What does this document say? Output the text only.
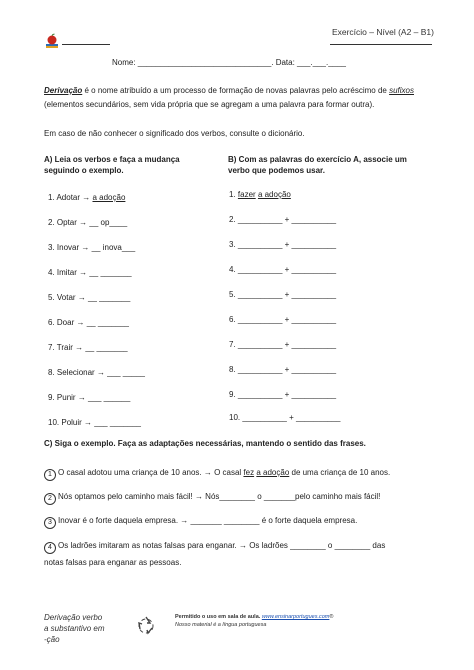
Exercício – Nível (A2 – B1)
Nome: ______________________________. Data: ___.___.____
Derivação é o nome atribuído a um processo de formação de novas palavras pelo acréscimo de sufixos (elementos secundários, sem vida própria que se agregam a uma palavra para formar outra).
Em caso de não conhecer o significado dos verbos, consulte o dicionário.
A) Leia os verbos e faça a mudança
seguindo o exemplo.
1. Adotar → a adoção
2. Optar → __ op____
3. Inovar → __ inova___
4. Imitar → __ _______
5. Votar → __ _______
6. Doar → __ _______
7. Trair → __ _______
8. Selecionar → ___ _____
9. Punir → ___ ______
10. Poluir → ___ _______
B) Com as palavras do exercício A, associe um
verbo que podemos usar.
1. fazer a adoção
2. __________ + __________
3. __________ + __________
4. __________ + __________
5. __________ + __________
6. __________ + __________
7. __________ + __________
8. __________ + __________
9. __________ + __________
10. __________ + __________
C) Siga o exemplo. Faça as adaptações necessárias, mantendo o sentido das frases.
1 O casal adotou uma criança de 10 anos. → O casal fez a adoção de uma criança de 10 anos.
2 Nós optamos pelo caminho mais fácil! → Nós________ o _______pelo caminho mais fácil!
3 Inovar é o forte daquela empresa. → _______ ________ é o forte daquela empresa.
4 Os ladrões imitaram as notas falsas para enganar. → Os ladrões ________ o ________ das
notas falsas para enganar as pessoas.
Derivação verbo
a substantivo em
-ção
Permitido o uso em sala de aula. www.ensinarportugues.com®
Nosso material é a língua portuguesa
